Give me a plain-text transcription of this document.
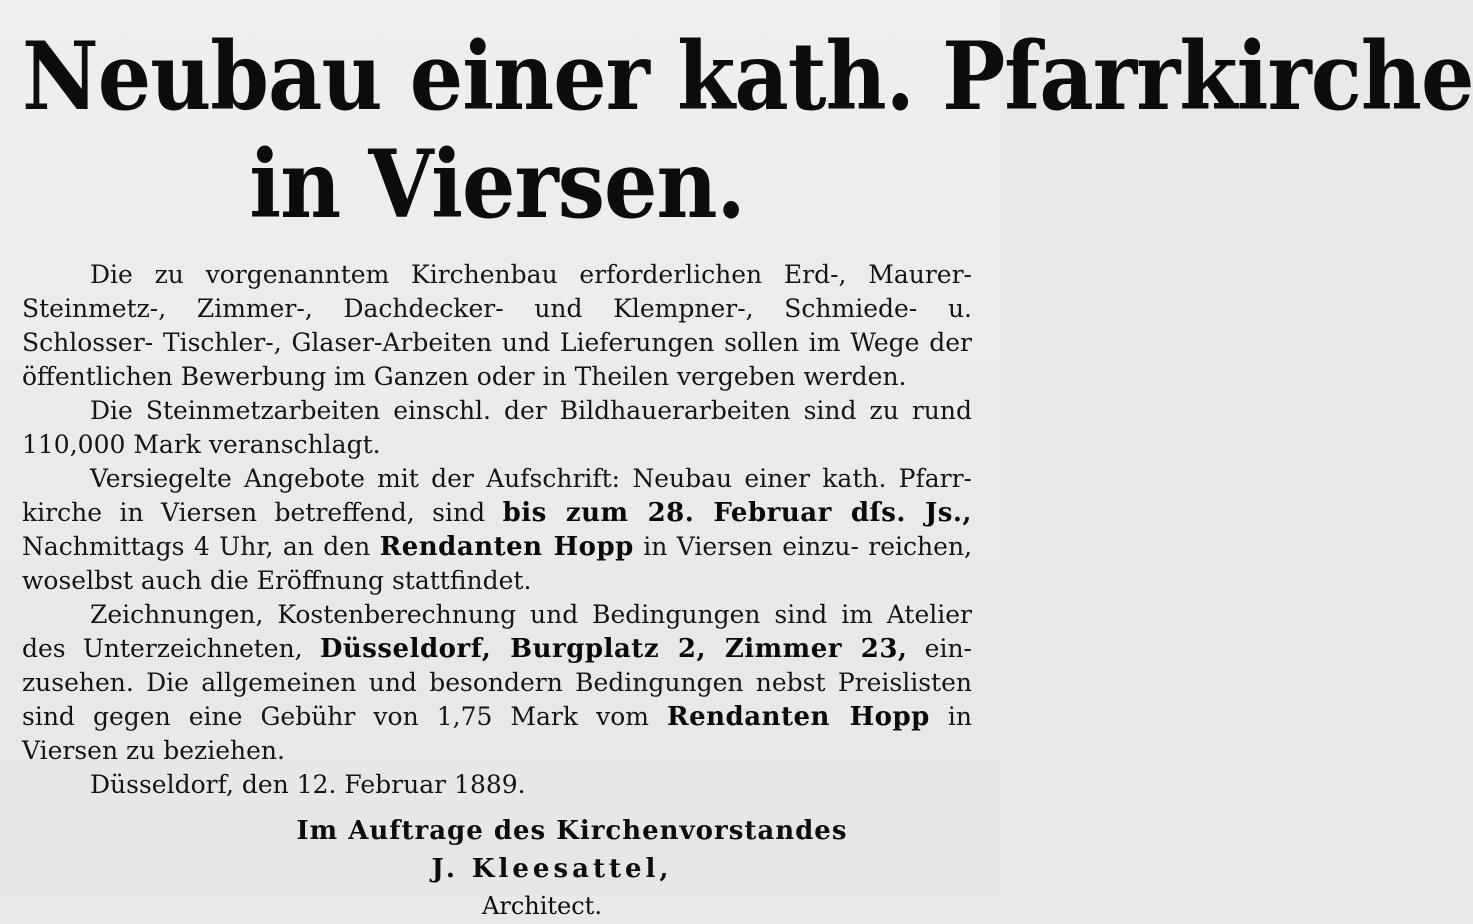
Neubau einer kath. Pfarrkirche
in Viersen.

Die zu vorgenanntem Kirchenbau erforderlichen Erd-, Maurer- Steinmetz-, Zimmer-, Dachdecker- und Klempner-, Schmiede- u. Schlosser- Tischler-, Glaser-Arbeiten und Lieferungen sollen im Wege der öffentlichen Bewerbung im Ganzen oder in Theilen vergeben werden.

Die Steinmetzarbeiten einschl. der Bildhauerarbeiten sind zu rund 110,000 Mark veranschlagt.

Versiegelte Angebote mit der Aufschrift: Neubau einer kath. Pfarr- kirche in Viersen betreffend, sind bis zum 28. Februar dſs. Js., Nachmittags 4 Uhr, an den Rendanten Hopp in Viersen einzu- reichen, woselbst auch die Eröffnung stattfindet.

Zeichnungen, Kostenberechnung und Bedingungen sind im Atelier des Unterzeichneten, Düsseldorf, Burgplatz 2, Zimmer 23, ein- zusehen. Die allgemeinen und besondern Bedingungen nebst Preislisten sind gegen eine Gebühr von 1,75 Mark vom Rendanten Hopp in Viersen zu beziehen.

Düsseldorf, den 12. Februar 1889.

Im Auftrage des Kirchenvorstandes
J. Kleesattel,
Architect.
